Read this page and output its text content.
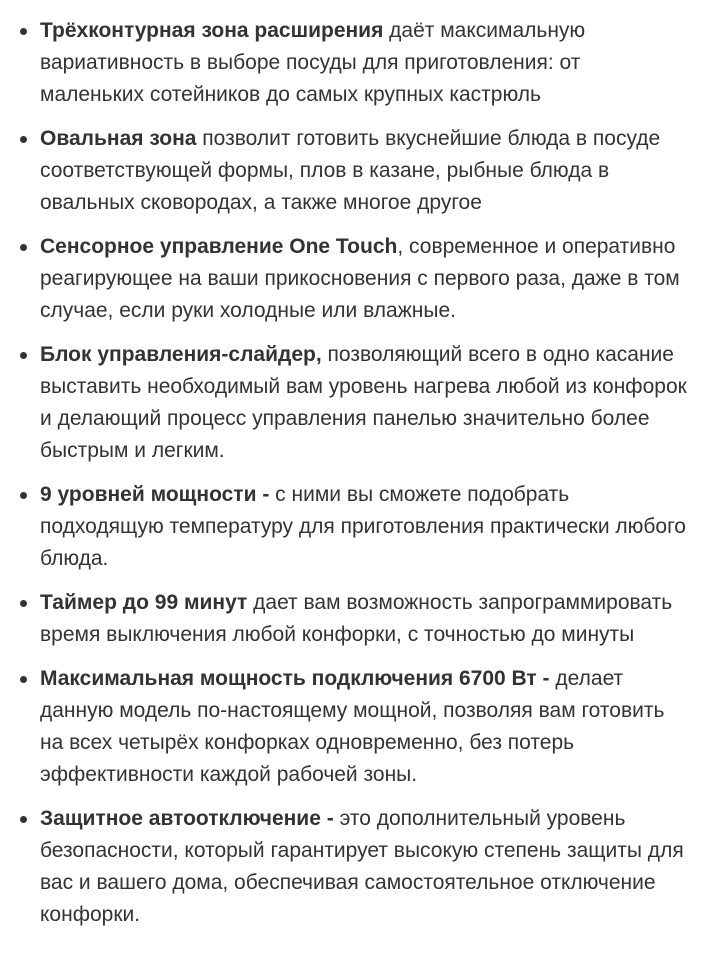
Трёхконтурная зона расширения даёт максимальную вариативность в выборе посуды для приготовления: от маленьких сотейников до самых крупных кастрюль
Овальная зона позволит готовить вкуснейшие блюда в посуде соответствующей формы, плов в казане, рыбные блюда в овальных сковородах, а также многое другое
Сенсорное управление One Touch, современное и оперативно реагирующее на ваши прикосновения с первого раза, даже в том случае, если руки холодные или влажные.
Блок управления-слайдер, позволяющий всего в одно касание выставить необходимый вам уровень нагрева любой из конфорок и делающий процесс управления панелью значительно более быстрым и легким.
9 уровней мощности - с ними вы сможете подобрать подходящую температуру для приготовления практически любого блюда.
Таймер до 99 минут дает вам возможность запрограммировать время выключения любой конфорки, с точностью до минуты
Максимальная мощность подключения 6700 Вт - делает данную модель по-настоящему мощной, позволяя вам готовить на всех четырёх конфорках одновременно, без потерь эффективности каждой рабочей зоны.
Защитное автоотключение - это дополнительный уровень безопасности, который гарантирует высокую степень защиты для вас и вашего дома, обеспечивая самостоятельное отключение конфорки.
